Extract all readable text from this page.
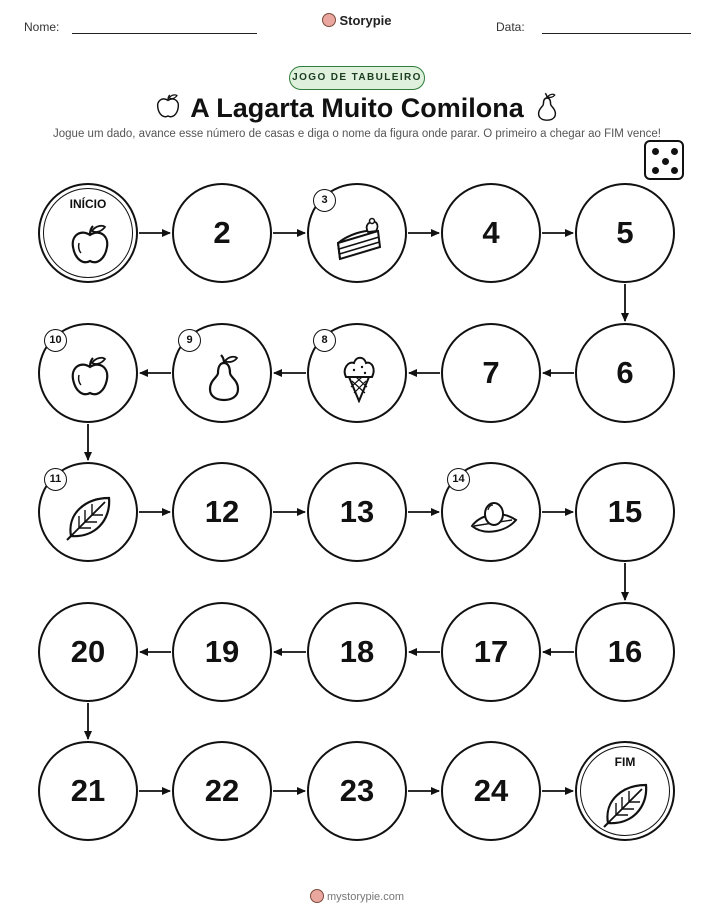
Nome:	Storypie	Data:
JOGO DE TABULEIRO
A Lagarta Muito Comilona
Jogue um dado, avance esse número de casas e diga o nome da figura onde parar. O primeiro a chegar ao FIM vence!
INÍCIO
2
3
4	5
6
7
8
9
10
11
12	13
14
15
16
17
18
19
20
21	22	23	24
FIM
mystorypie.com
